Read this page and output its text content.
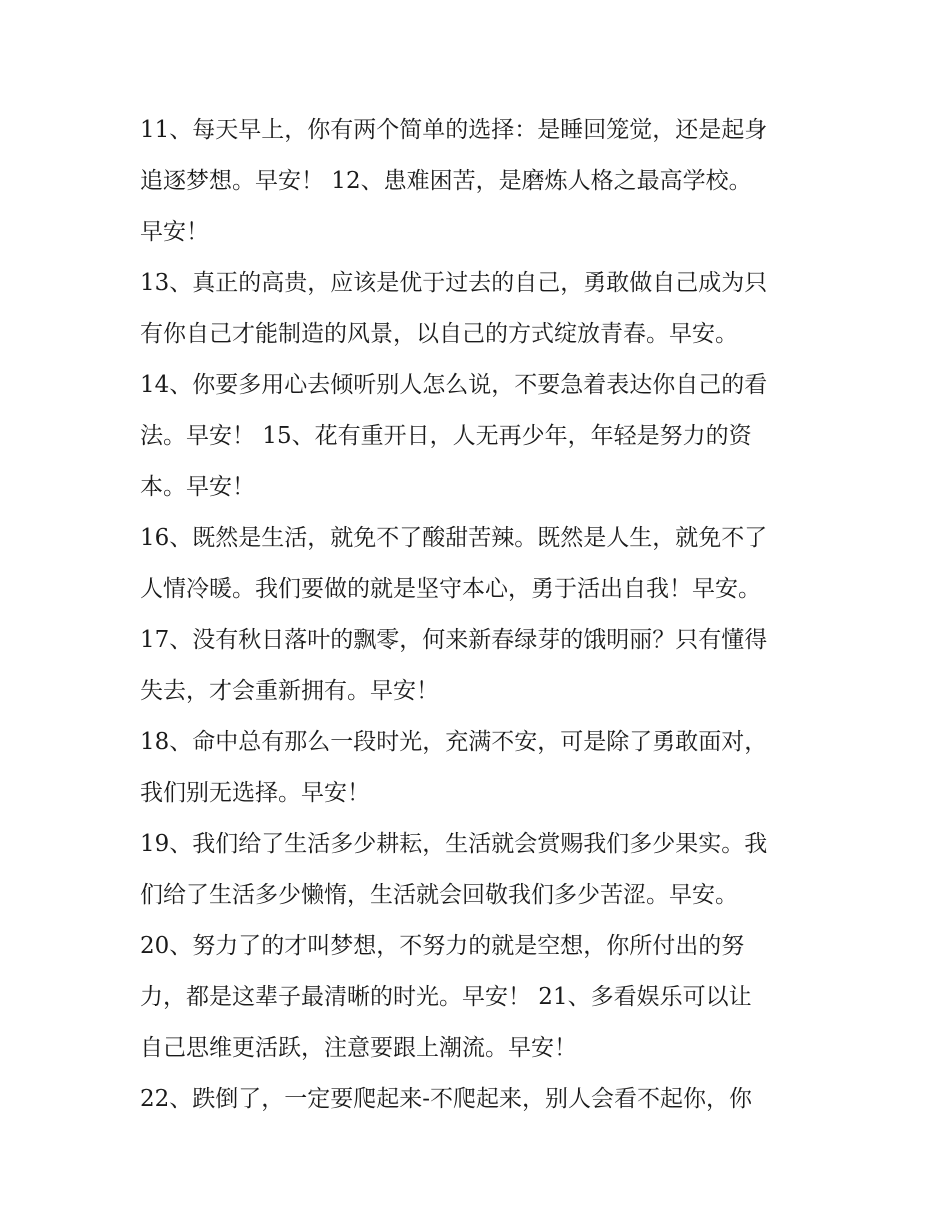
11、每天早上，你有两个简单的选择：是睡回笼觉，还是起身
追逐梦想。早安！ 12、患难困苦，是磨炼人格之最高学校。
早安！
13、真正的高贵，应该是优于过去的自己，勇敢做自己成为只
有你自己才能制造的风景，以自己的方式绽放青春。早安。
14、你要多用心去倾听别人怎么说，不要急着表达你自己的看
法。早安！ 15、花有重开日，人无再少年，年轻是努力的资
本。早安！
16、既然是生活，就免不了酸甜苦辣。既然是人生，就免不了
人情冷暖。我们要做的就是坚守本心，勇于活出自我！早安。
17、没有秋日落叶的飘零，何来新春绿芽的饿明丽？只有懂得
失去，才会重新拥有。早安！
18、命中总有那么一段时光，充满不安，可是除了勇敢面对，
我们别无选择。早安！
19、我们给了生活多少耕耘，生活就会赏赐我们多少果实。我
们给了生活多少懒惰，生活就会回敬我们多少苦涩。早安。
20、努力了的才叫梦想，不努力的就是空想，你所付出的努
力，都是这辈子最清晰的时光。早安！ 21、多看娱乐可以让
自己思维更活跃，注意要跟上潮流。早安！
22、跌倒了，一定要爬起来-不爬起来，别人会看不起你，你
